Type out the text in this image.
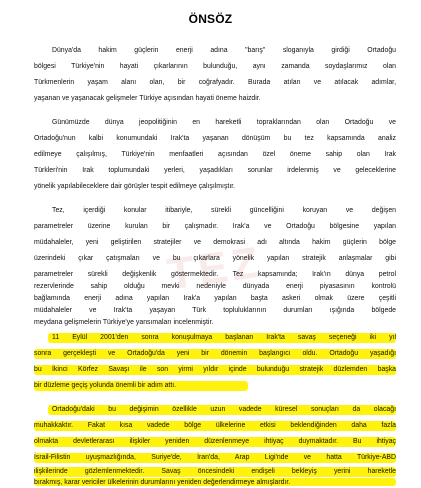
TEZ
ÖNSÖZ
Dünya'da hakim güçlerin enerji adına "barış" sloganıyla girdiği Ortadoğu
bölgesi Türkiye'nin hayati çıkarlarının bulunduğu, aynı zamanda soydaşlarımız olan
Türkmenlerin yaşam alanı olan, bir coğrafyadır. Burada atılan ve atılacak adımlar,
yaşanan ve yaşanacak gelişmeler Türkiye açısından hayati öneme haizdir.
Günümüzde dünya jeopolitiğinin en hareketli topraklarından olan Ortadoğu ve
Ortadoğu'nun kalbi konumundaki Irak'ta yaşanan dönüşüm bu tez kapsamında analiz
edilmeye çalışılmış, Türkiye'nin menfaatleri açısından özel öneme sahip olan Irak
Türkleri'nin Irak toplumundaki yerleri, yaşadıkları sorunlar irdelenmiş ve geleceklerine
yönelik yapılabileceklere dair görüşler tespit edilmeye çalışılmıştır.
Tez, içerdiği konular itibariyle, sürekli güncelliğini koruyan ve değişen
parametreler üzerine kurulan bir çalışmadır. Irak'a ve Ortadoğu bölgesine yapılan
müdahaleler, yeni geliştirilen stratejiler ve demokrasi adı altında hakim güçlerin bölge
üzerindeki çıkar çatışmaları ve bu çıkarlara yönelik yapılan stratejik anlaşmalar gibi
parametreler sürekli değişkenlik göstermektedir. Tez kapsamında; Irak'ın dünya petrol
rezervlerinde sahip olduğu mevki nedeniyle dünyada enerji piyasasının kontrolü
bağlamında enerji adına yapılan Irak'a yapılan başta askeri olmak üzere çeşitli
müdahaleler ve Irak'ta yaşayan Türk topluluklarının durumları ışığında bölgede
meydana gelişmelerin Türkiye'ye yansımaları incelenmiştir.
11 Eylül 2001'den sonra konuşulmaya başlanan Irak'ta savaş seçeneği iki yıl
sonra gerçekleşti ve Ortadoğu'da yeni bir dönemin başlangıcı oldu. Ortadoğu yaşadığı
bu İkinci Körfez Savaşı ile son yirmi yıldır içinde bulunduğu stratejik düzlemden başka
bir düzleme geçiş yolunda önemli bir adım attı.
Ortadoğu'daki bu değişimin özellikle uzun vadede küresel sonuçları da olacağı
muhakkaktır. Fakat kısa vadede bölge ülkelerine etkisi beklendiğinden daha fazla
olmakta devletlerarası ilişkiler yeniden düzenlenmeye ihtiyaç duymaktadır. Bu ihtiyaç
İsrail-Filistin uyuşmazlığında, Suriye'de, İran'da, Arap Ligi'nde ve hatta Türkiye-ABD
ilişkilerinde gözlemlenmektedir. Savaş öncesindeki endişeli bekleyiş yerini hareketle
bırakmış, karar vericiler ülkelerinin durumlarını yeniden değerlendirmeye almışlardır.
